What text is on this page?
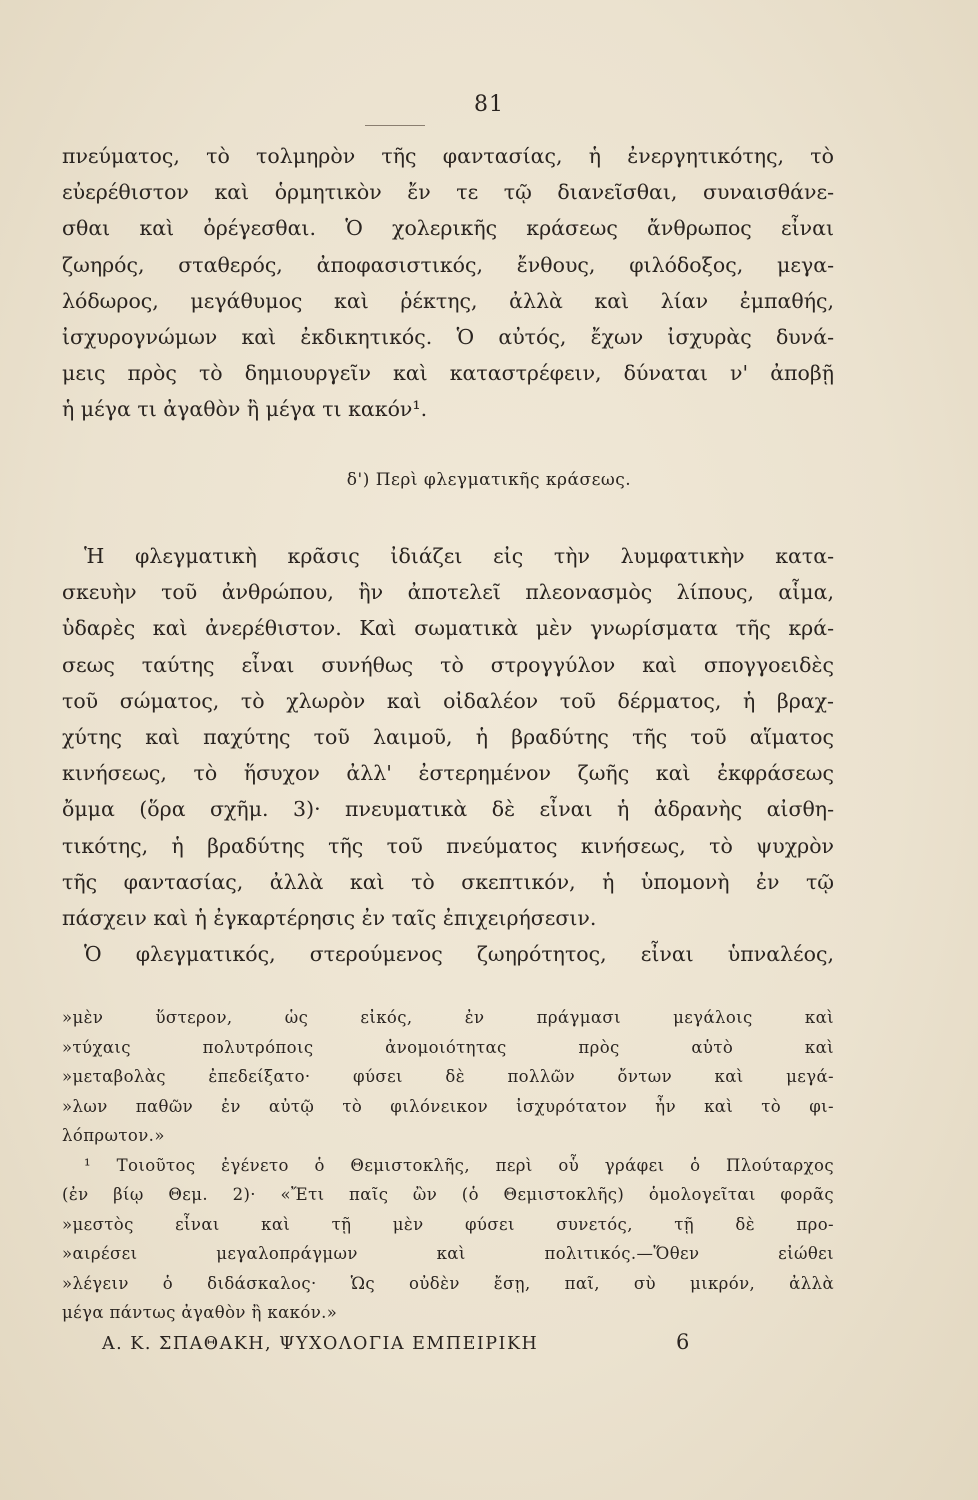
81
πνεύματος, τὸ τολμηρὸν τῆς φαντασίας, ἡ ἐνεργητικότης, τὸ
εὐερέθιστον καὶ ὁρμητικὸν ἔν τε τῷ διανεῖσθαι, συναισθάνε-
σθαι καὶ ὀρέγεσθαι. Ὁ χολερικῆς κράσεως ἄνθρωπος εἶναι
ζωηρός, σταθερός, ἀποφασιστικός, ἔνθους, φιλόδοξος, μεγα-
λόδωρος, μεγάθυμος καὶ ῥέκτης, ἀλλὰ καὶ λίαν ἐμπαθής,
ἰσχυρογνώμων καὶ ἐκδικητικός. Ὁ αὐτός, ἔχων ἰσχυρὰς δυνά-
μεις πρὸς τὸ δημιουργεῖν καὶ καταστρέφειν, δύναται ν' ἀποβῇ
ἡ μέγα τι ἀγαθὸν ἢ μέγα τι κακόν¹.
δ') Περὶ φλεγματικῆς κράσεως.
Ἡ φλεγματικὴ κρᾶσις ἰδιάζει εἰς τὴν λυμφατικὴν κατα-
σκευὴν τοῦ ἀνθρώπου, ἣν ἀποτελεῖ πλεονασμὸς λίπους, αἷμα,
ὑδαρὲς καὶ ἀνερέθιστον. Καὶ σωματικὰ μὲν γνωρίσματα τῆς κρά-
σεως ταύτης εἶναι συνήθως τὸ στρογγύλον καὶ σπογγοειδὲς
τοῦ σώματος, τὸ χλωρὸν καὶ οἰδαλέον τοῦ δέρματος, ἡ βραχ-
χύτης καὶ παχύτης τοῦ λαιμοῦ, ἡ βραδύτης τῆς τοῦ αἵματος
κινήσεως, τὸ ἥσυχον ἀλλ' ἐστερημένον ζωῆς καὶ ἐκφράσεως
ὄμμα (ὅρα σχῆμ. 3)· πνευματικὰ δὲ εἶναι ἡ ἀδρανὴς αἰσθη-
τικότης, ἡ βραδύτης τῆς τοῦ πνεύματος κινήσεως, τὸ ψυχρὸν
τῆς φαντασίας, ἀλλὰ καὶ τὸ σκεπτικόν, ἡ ὑπομονὴ ἐν τῷ
πάσχειν καὶ ἡ ἐγκαρτέρησις ἐν ταῖς ἐπιχειρήσεσιν.
Ὁ φλεγματικός, στερούμενος ζωηρότητος, εἶναι ὑπναλέος,
»μὲν ὕστερον, ὡς εἰκός, ἐν πράγμασι μεγάλοις καὶ
»τύχαις πολυτρόποις ἀνομοιότητας πρὸς αὑτὸ καὶ
»μεταβολὰς ἐπεδείξατο· φύσει δὲ πολλῶν ὄντων καὶ μεγά-
»λων παθῶν ἐν αὐτῷ τὸ φιλόνεικον ἰσχυρότατον ἦν καὶ τὸ φι-
λόπρωτον.»
¹ Τοιοῦτος ἐγένετο ὁ Θεμιστοκλῆς, περὶ οὗ γράφει ὁ Πλούταρχος
(ἐν βίῳ Θεμ. 2)· «Ἔτι παῖς ὢν (ὁ Θεμιστοκλῆς) ὁμολογεῖται φορᾶς
»μεστὸς εἶναι καὶ τῇ μὲν φύσει συνετός, τῇ δὲ προ-
»αιρέσει μεγαλοπράγμων καὶ πολιτικός.—Ὅθεν εἰώθει
»λέγειν ὁ διδάσκαλος· Ὡς οὐδὲν ἔσῃ, παῖ, σὺ μικρόν, ἀλλὰ
μέγα πάντως ἀγαθὸν ἢ κακόν.»
Α. Κ. ΣΠΑΘΑΚΗ, ΨΥΧΟΛΟΓΙΑ ΕΜΠΕΙΡΙΚΗ	6
